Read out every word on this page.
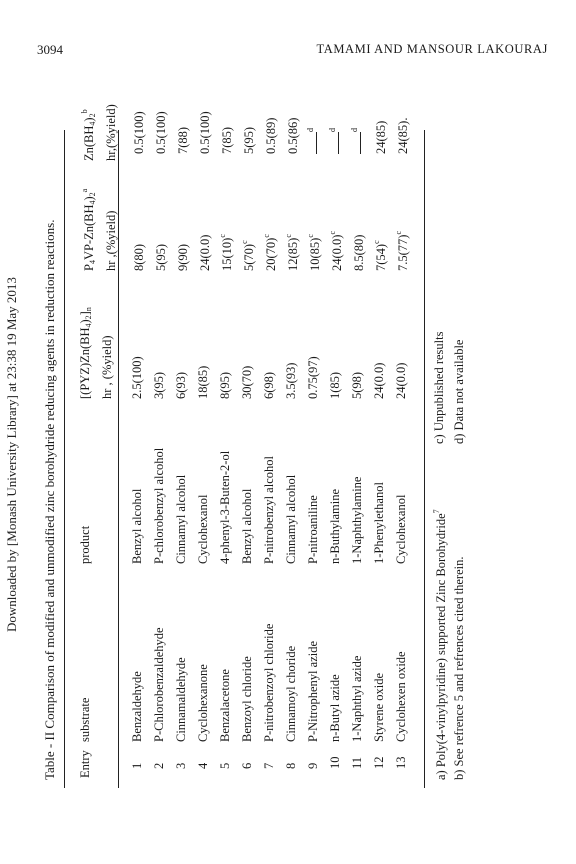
3094	TAMAMI AND MANSOUR LAKOURAJ
Downloaded by [Monash University Library] at 23:38 19 May 2013 Table - II Comparison of modified and unmodified zinc borohydride reducing agents in reduction reactions. Entry
substrate
product
$[(PYZ)Zn(BH_4)_2]_n$
hr , (%yield)
$P_4VP-Zn(BH_4)_2^a$
hr ,(%yield)
$Zn(BH_4)_2^b$	hr,(%yield)
1
Benzaldehyde
Benzyl alcohol
2.5(100)
8(80)
0.5(100)
2
P-Chlorobenzaldehyde
P-chlorobenzyl alcohol
3(95)
5(95)
0.5(100)
3
Cinnamaldehyde
Cinnamyl alcohol
6(93)
9(90)
7(88)
4
Cyclohexanone
Cyclohexanol
18(85)
24(0.0)
0.5(100)
5
Benzalacetone
4-phenyl-3-Buten-2-ol
8(95)
$15(10)^c$
7(85)
6
Benzoyl chloride
Benzyl alcohol
30(70)
$5(70)^c$
5(95)
7
P-nitrobenzoyl chloride
P-nitrobenzyl alcohol
6(98)
$20(70)^c$
0.5(89)
8
Cinnamoyl choride
Cinnamyl alcohol
3.5(93)
$12(85)^c$
0.5(86)
9
P-Nitrophenyl azide
P-nitroaniline
0.75(97)
$10(85)^c$
$^d$
10
n-Butyl azide
n-Buthylamine
1(85)
$24(0.0)^c$
$^d$
11
1-Naphthyl azide
1-Naphthylamine
5(98)
8.5(80)
$^d$
12
Styrene oxide
1-Phenylethanol
24(0.0)
$7(54)^c$
24(85)
13
Cyclohexen oxide
Cyclohexanol
24(0.0)
$7.5(77)^c$
24(85).
a) Poly(4-vinylpyridine) supported Zinc Borohydride$^7$
b) See refrence 5 and refrences cited therein.
c) Unpublished results d) Data not available
